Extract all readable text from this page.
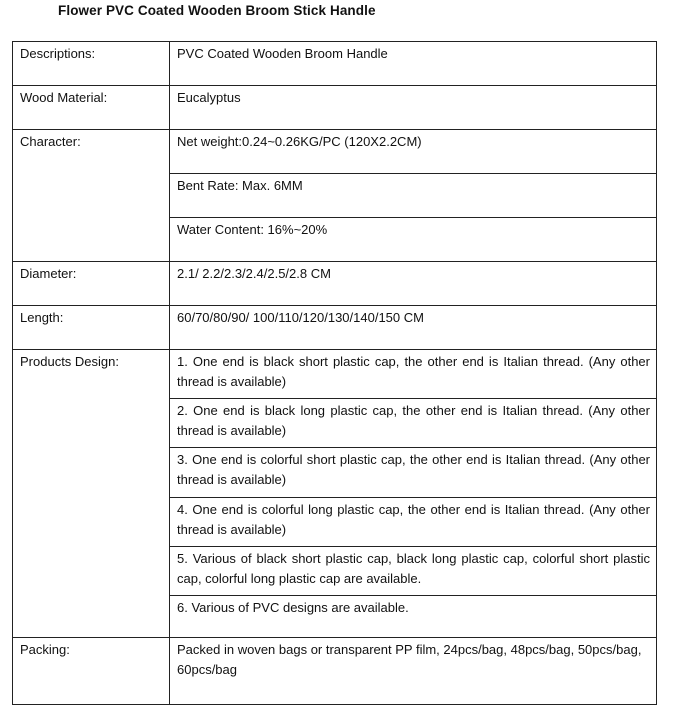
Flower PVC Coated Wooden Broom Stick Handle
Descriptions:	PVC Coated Wooden Broom Handle
Wood Material:	Eucalyptus
Character:	Net weight:0.24~0.26KG/PC (120X2.2CM)
	Bent Rate: Max. 6MM
	Water Content: 16%~20%
Diameter:	2.1/ 2.2/2.3/2.4/2.5/2.8 CM
Length:	60/70/80/90/ 100/110/120/130/140/150 CM
Products Design:	1. One end is black short plastic cap, the other end is Italian thread. (Any other thread is available)
	2. One end is black long plastic cap, the other end is Italian thread. (Any other thread is available)
	3. One end is colorful short plastic cap, the other end is Italian thread. (Any other thread is available)
	4. One end is colorful long plastic cap, the other end is Italian thread. (Any other thread is available)
	5. Various of black short plastic cap, black long plastic cap, colorful short plastic cap, colorful long plastic cap are available.
	6. Various of PVC designs are available.
Packing:	Packed in woven bags or transparent PP film, 24pcs/bag, 48pcs/bag, 50pcs/bag, 60pcs/bag
